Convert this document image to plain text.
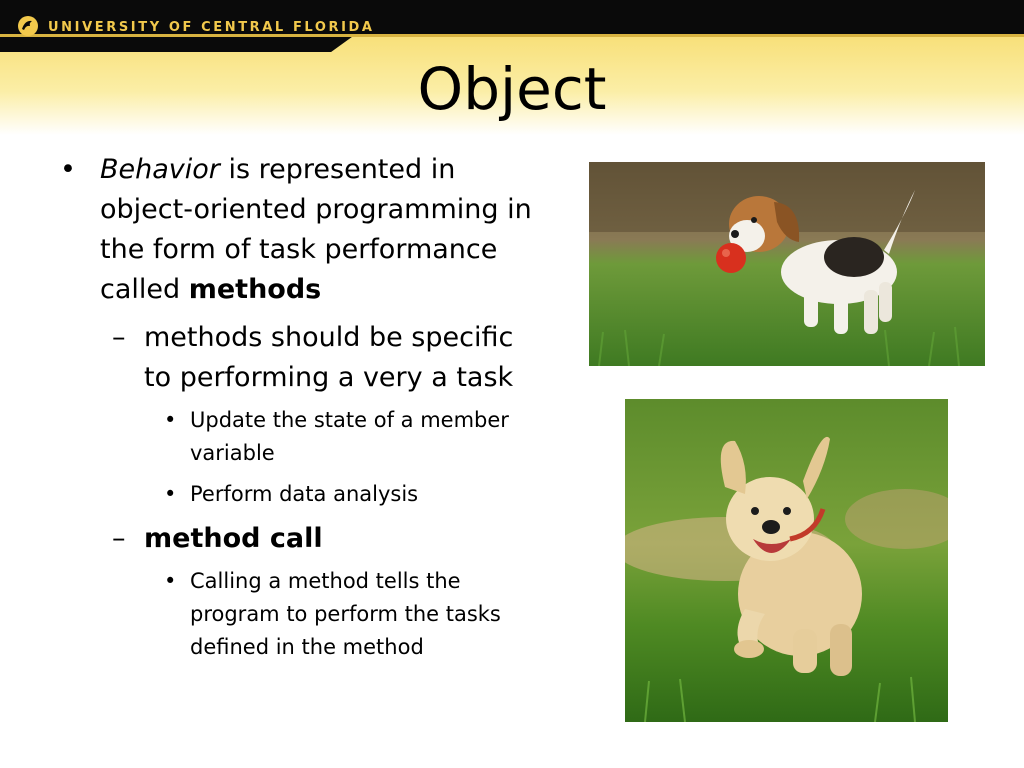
UNIVERSITY OF CENTRAL FLORIDA
Object
• Behavior is represented in object-oriented programming in the form of task performance called methods
– methods should be specific to performing a very a task
• Update the state of a member variable
• Perform data analysis
– method call
• Calling a method tells the program to perform the tasks defined in the method
